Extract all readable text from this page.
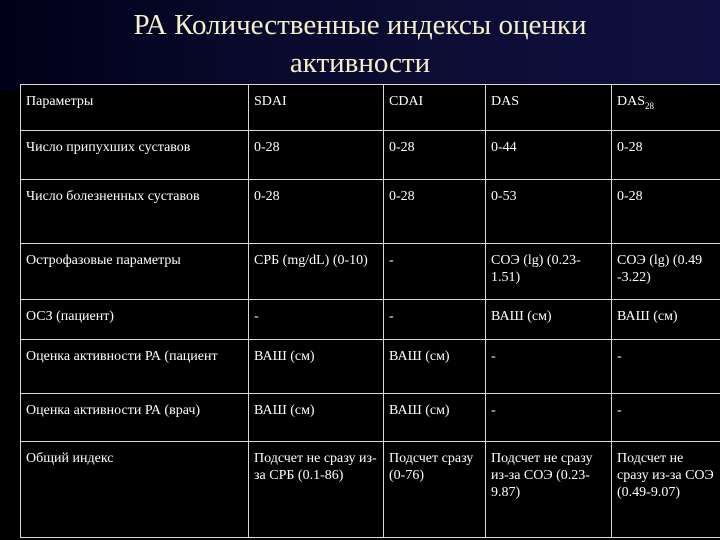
РА Количественные индексы оценки
активности
Параметры	SDAI	CDAI	DAS	$DAS_{28}$
Число припухших суставов	0-28	0-28	0-44	0-28
Число болезненных суставов	0-28	0-28	0-53	0-28
Острофазовые параметры	СРБ (mg/dL) (0-10)	-	СОЭ (lg) (0.23-1.51)	СОЭ (lg) (0.49 -3.22)
ОСЗ (пациент)	-	-	ВАШ (см)	ВАШ (см)
Оценка активности РА (пациент	ВАШ (см)	ВАШ (см)	-	-
Оценка активности РА (врач)	ВАШ (см)	ВАШ (см)	-	-
Общий индекс	Подсчет не сразу из-за СРБ (0.1-86)	Подсчет сразу (0-76)	Подсчет не сразу из-за СОЭ (0.23-9.87)	Подсчет не сразу из-за СОЭ (0.49-9.07)
